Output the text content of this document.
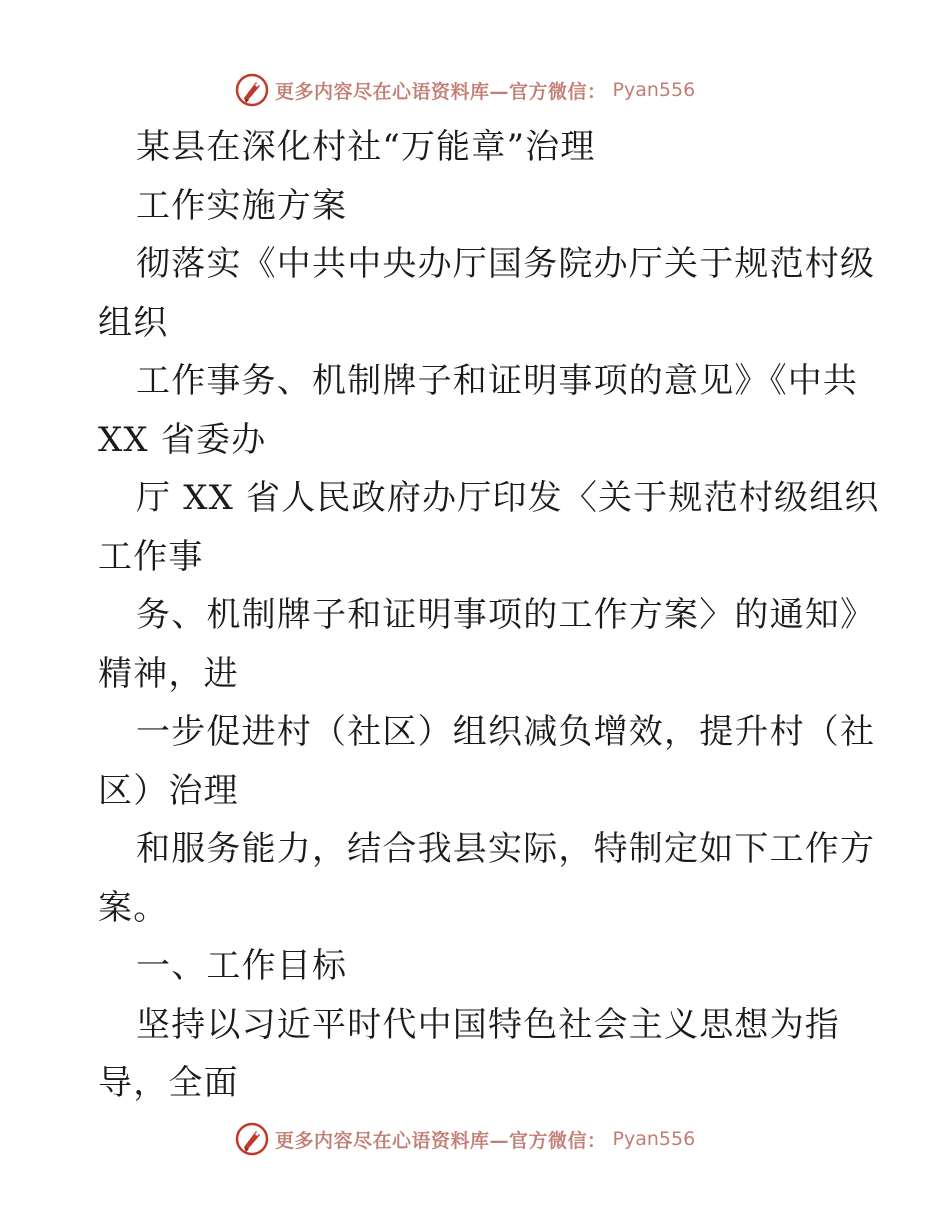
更多内容尽在心语资料库—官方微信： Pyan556
某县在深化村社“万能章”治理
工作实施方案
彻落实《中共中央办厅国务院办厅关于规范村级
组织
工作事务、机制牌子和证明事项的意见》《中共
XX 省委办
厅 XX 省人民政府办厅印发〈关于规范村级组织
工作事
务、机制牌子和证明事项的工作方案〉的通知》
精神，进
一步促进村（社区）组织减负增效，提升村（社
区）治理
和服务能力，结合我县实际，特制定如下工作方
案。
一、工作目标
坚持以习近平时代中国特色社会主义思想为指
导，全面
更多内容尽在心语资料库—官方微信： Pyan556
